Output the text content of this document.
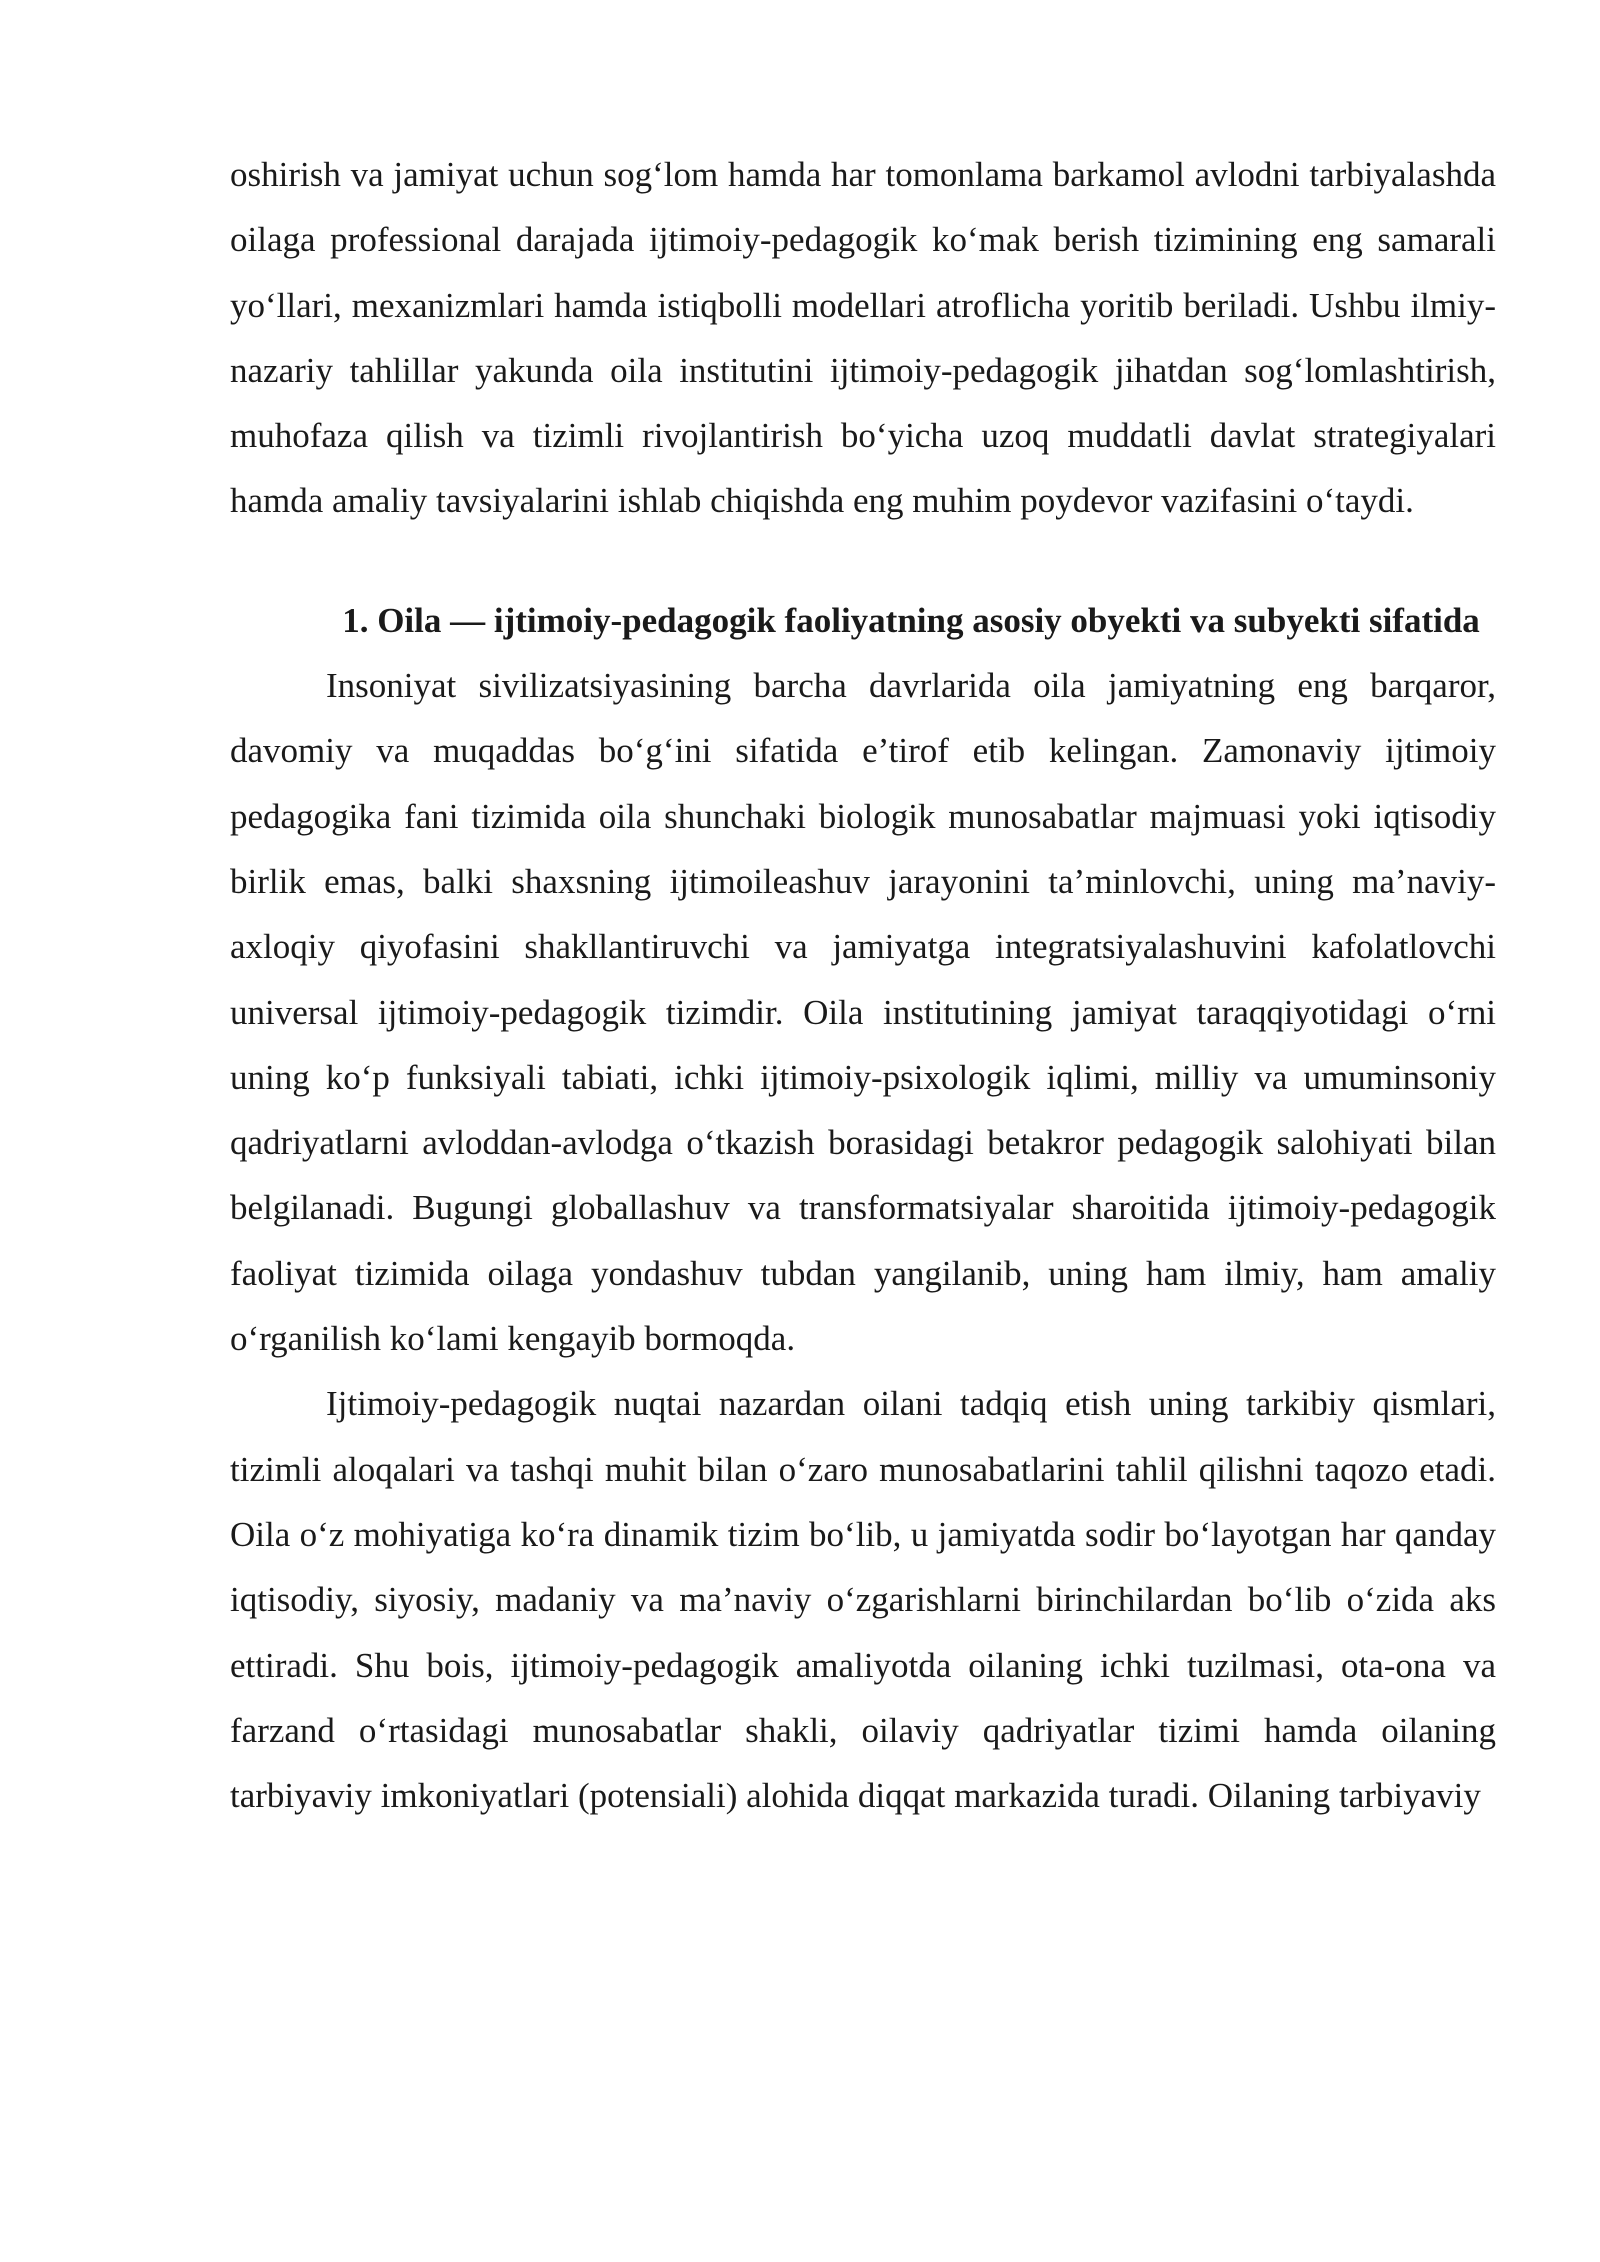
oshirish va jamiyat uchun sog‘lom hamda har tomonlama barkamol avlodni tarbiyalashda oilaga professional darajada ijtimoiy-pedagogik ko‘mak berish tizimining eng samarali yo‘llari, mexanizmlari hamda istiqbolli modellari atroflicha yoritib beriladi. Ushbu ilmiy-nazariy tahlillar yakunda oila institutini ijtimoiy-pedagogik jihatdan sog‘lomlashtirish, muhofaza qilish va tizimli rivojlantirish bo‘yicha uzoq muddatli davlat strategiyalari hamda amaliy tavsiyalarini ishlab chiqishda eng muhim poydevor vazifasini o‘taydi.

1. Oila — ijtimoiy-pedagogik faoliyatning asosiy obyekti va subyekti sifatida

Insoniyat sivilizatsiyasining barcha davrlarida oila jamiyatning eng barqaror, davomiy va muqaddas bo‘g‘ini sifatida e’tirof etib kelingan. Zamonaviy ijtimoiy pedagogika fani tizimida oila shunchaki biologik munosabatlar majmuasi yoki iqtisodiy birlik emas, balki shaxsning ijtimoileashuv jarayonini ta’minlovchi, uning ma’naviy-axloqiy qiyofasini shakllantiruvchi va jamiyatga integratsiyalashuvini kafolatlovchi universal ijtimoiy-pedagogik tizimdir. Oila institutining jamiyat taraqqiyotidagi o‘rni uning ko‘p funksiyali tabiati, ichki ijtimoiy-psixologik iqlimi, milliy va umuminsoniy qadriyatlarni avloddan-avlodga o‘tkazish borasidagi betakror pedagogik salohiyati bilan belgilanadi. Bugungi globallashuv va transformatsiyalar sharoitida ijtimoiy-pedagogik faoliyat tizimida oilaga yondashuv tubdan yangilanib, uning ham ilmiy, ham amaliy o‘rganilish ko‘lami kengayib bormoqda.

Ijtimoiy-pedagogik nuqtai nazardan oilani tadqiq etish uning tarkibiy qismlari, tizimli aloqalari va tashqi muhit bilan o‘zaro munosabatlarini tahlil qilishni taqozo etadi. Oila o‘z mohiyatiga ko‘ra dinamik tizim bo‘lib, u jamiyatda sodir bo‘layotgan har qanday iqtisodiy, siyosiy, madaniy va ma’naviy o‘zgarishlarni birinchilardan bo‘lib o‘zida aks ettiradi. Shu bois, ijtimoiy-pedagogik amaliyotda oilaning ichki tuzilmasi, ota-ona va farzand o‘rtasidagi munosabatlar shakli, oilaviy qadriyatlar tizimi hamda oilaning tarbiyaviy imkoniyatlari (potensiali) alohida diqqat markazida turadi. Oilaning tarbiyaviy
